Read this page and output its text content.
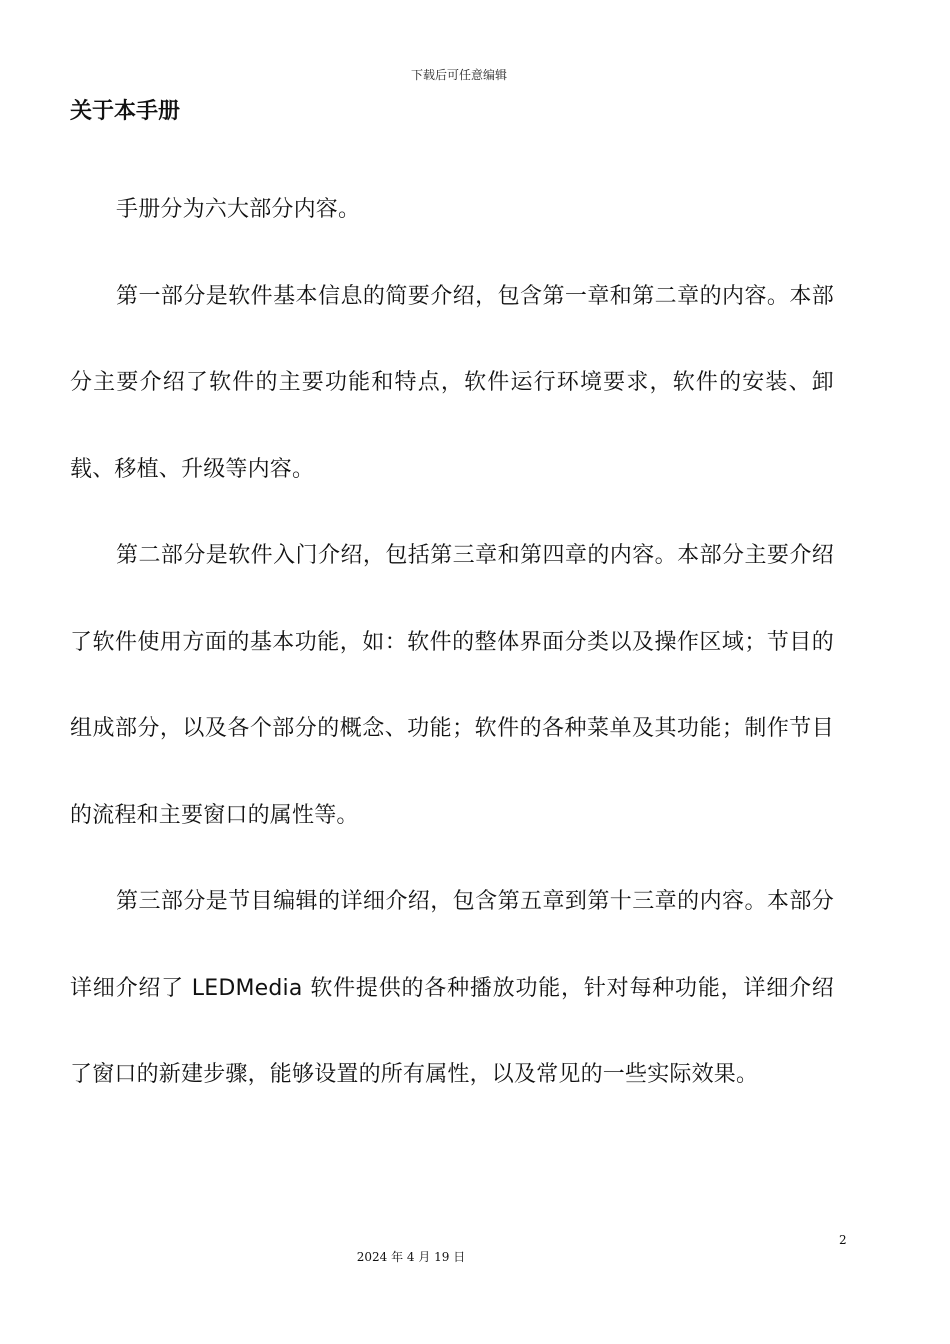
下载后可任意编辑
关于本手册

手册分为六大部分内容。

第一部分是软件基本信息的简要介绍，包含第一章和第二章的内容。本部分主要介绍了软件的主要功能和特点，软件运行环境要求，软件的安装、卸载、移植、升级等内容。

第二部分是软件入门介绍，包括第三章和第四章的内容。本部分主要介绍了软件使用方面的基本功能，如：软件的整体界面分类以及操作区域；节目的组成部分，以及各个部分的概念、功能；软件的各种菜单及其功能；制作节目的流程和主要窗口的属性等。

第三部分是节目编辑的详细介绍，包含第五章到第十三章的内容。本部分详细介绍了 LEDMedia 软件提供的各种播放功能，针对每种功能，详细介绍了窗口的新建步骤，能够设置的所有属性，以及常见的一些实际效果。

2
2024 年 4 月 19 日
